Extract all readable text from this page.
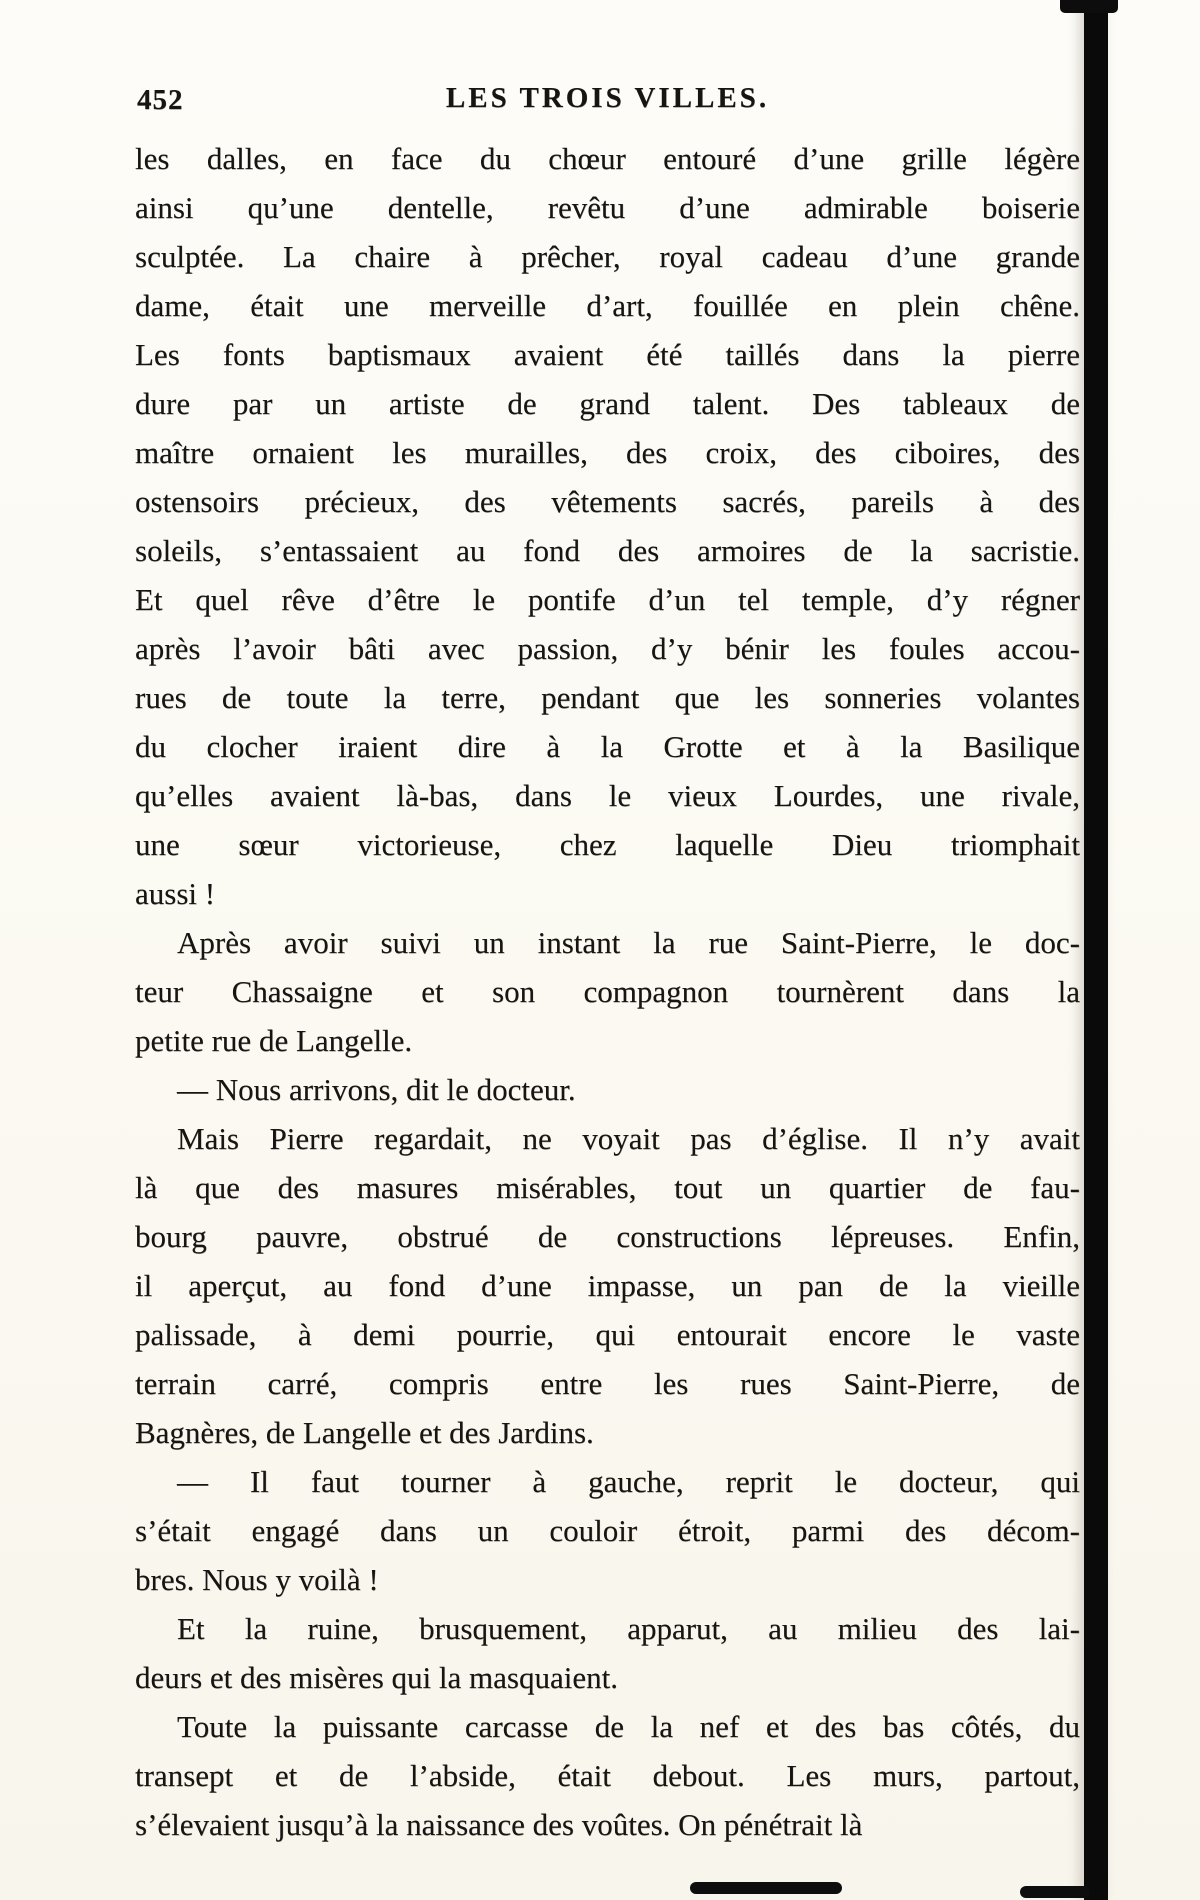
452	LES TROIS VILLES.
les dalles, en face du chœur entouré d’une grille légère
ainsi qu’une dentelle, revêtu d’une admirable boiserie
sculptée. La chaire à prêcher, royal cadeau d’une grande
dame, était une merveille d’art, fouillée en plein chêne.
Les fonts baptismaux avaient été taillés dans la pierre
dure par un artiste de grand talent. Des tableaux de
maître ornaient les murailles, des croix, des ciboires, des
ostensoirs précieux, des vêtements sacrés, pareils à des
soleils, s’entassaient au fond des armoires de la sacristie.
Et quel rêve d’être le pontife d’un tel temple, d’y régner
après l’avoir bâti avec passion, d’y bénir les foules accou-
rues de toute la terre, pendant que les sonneries volantes
du clocher iraient dire à la Grotte et à la Basilique
qu’elles avaient là-bas, dans le vieux Lourdes, une rivale,
une sœur victorieuse, chez laquelle Dieu triomphait
aussi !
Après avoir suivi un instant la rue Saint-Pierre, le doc-
teur Chassaigne et son compagnon tournèrent dans la
petite rue de Langelle.
— Nous arrivons, dit le docteur.
Mais Pierre regardait, ne voyait pas d’église. Il n’y avait
là que des masures misérables, tout un quartier de fau-
bourg pauvre, obstrué de constructions lépreuses. Enfin,
il aperçut, au fond d’une impasse, un pan de la vieille
palissade, à demi pourrie, qui entourait encore le vaste
terrain carré, compris entre les rues Saint-Pierre, de
Bagnères, de Langelle et des Jardins.
— Il faut tourner à gauche, reprit le docteur, qui
s’était engagé dans un couloir étroit, parmi des décom-
bres. Nous y voilà !
Et la ruine, brusquement, apparut, au milieu des lai-
deurs et des misères qui la masquaient.
Toute la puissante carcasse de la nef et des bas côtés, du
transept et de l’abside, était debout. Les murs, partout,
s’élevaient jusqu’à la naissance des voûtes. On pénétrait là
